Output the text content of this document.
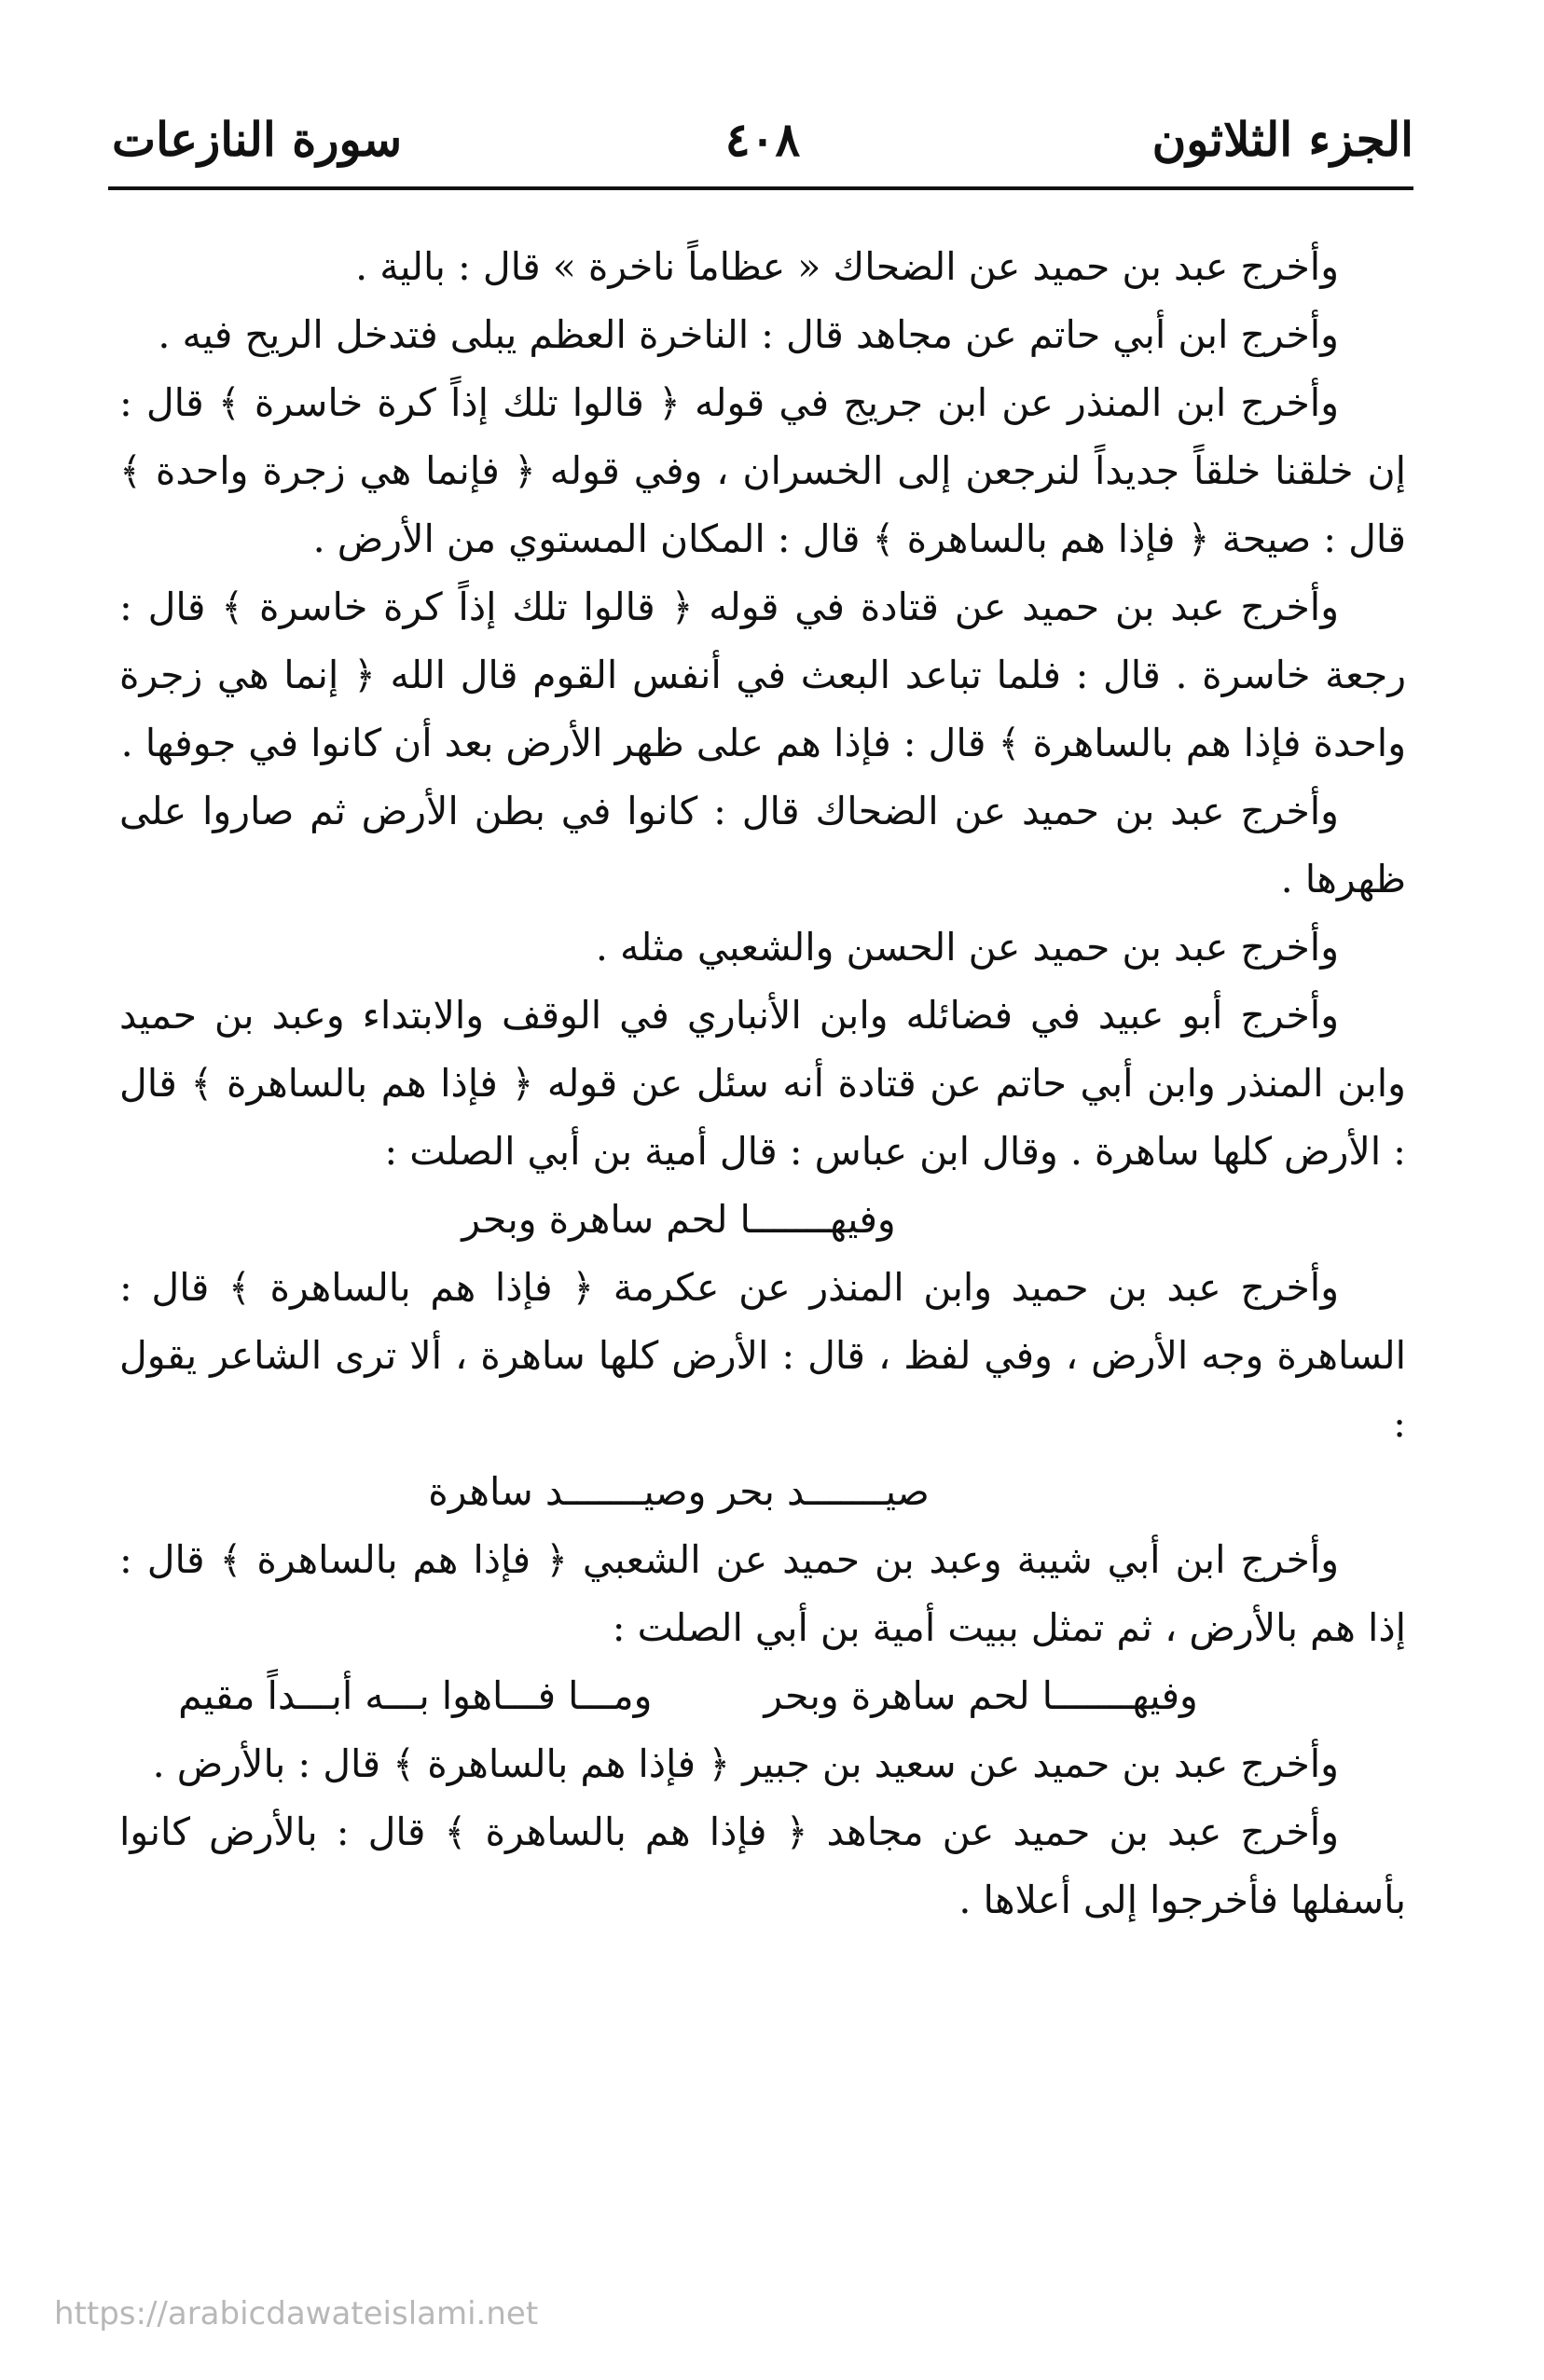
الجزء الثلاثون
٤٠٨
سورة النازعات

وأخرج عبد بن حميد عن الضحاك « عظاماً ناخرة » قال : بالية .

وأخرج ابن أبي حاتم عن مجاهد قال : الناخرة العظم يبلى فتدخل الريح فيه .

وأخرج ابن المنذر عن ابن جريج في قوله ﴿ قالوا تلك إذاً كرة خاسرة ﴾ قال : إن خلقنا خلقاً جديداً لنرجعن إلى الخسران ، وفي قوله ﴿ فإنما هي زجرة واحدة ﴾ قال : صيحة ﴿ فإذا هم بالساهرة ﴾ قال : المكان المستوي من الأرض .

وأخرج عبد بن حميد عن قتادة في قوله ﴿ قالوا تلك إذاً كرة خاسرة ﴾ قال : رجعة خاسرة . قال : فلما تباعد البعث في أنفس القوم قال الله ﴿ إنما هي زجرة واحدة فإذا هم بالساهرة ﴾ قال : فإذا هم على ظهر الأرض بعد أن كانوا في جوفها .

وأخرج عبد بن حميد عن الضحاك قال : كانوا في بطن الأرض ثم صاروا على ظهرها .

وأخرج عبد بن حميد عن الحسن والشعبي مثله .

وأخرج أبو عبيد في فضائله وابن الأنباري في الوقف والابتداء وعبد بن حميد وابن المنذر وابن أبي حاتم عن قتادة أنه سئل عن قوله ﴿ فإذا هم بالساهرة ﴾ قال : الأرض كلها ساهرة . وقال ابن عباس : قال أمية بن أبي الصلت :

وفيهـــــــا لحم ساهرة وبحر

وأخرج عبد بن حميد وابن المنذر عن عكرمة ﴿ فإذا هم بالساهرة ﴾ قال : الساهرة وجه الأرض ، وفي لفظ ، قال : الأرض كلها ساهرة ، ألا ترى الشاعر يقول :

صيـــــــد بحر وصيـــــــد ساهرة

وأخرج ابن أبي شيبة وعبد بن حميد عن الشعبي ﴿ فإذا هم بالساهرة ﴾ قال : إذا هم بالأرض ، ثم تمثل ببيت أمية بن أبي الصلت :

وفيهـــــــا لحم ساهرة وبحر
ومـــا فـــاهوا بـــه أبـــداً مقيم

وأخرج عبد بن حميد عن سعيد بن جبير ﴿ فإذا هم بالساهرة ﴾ قال : بالأرض .

وأخرج عبد بن حميد عن مجاهد ﴿ فإذا هم بالساهرة ﴾ قال : بالأرض كانوا بأسفلها فأخرجوا إلى أعلاها .

https://arabicdawateislami.net
